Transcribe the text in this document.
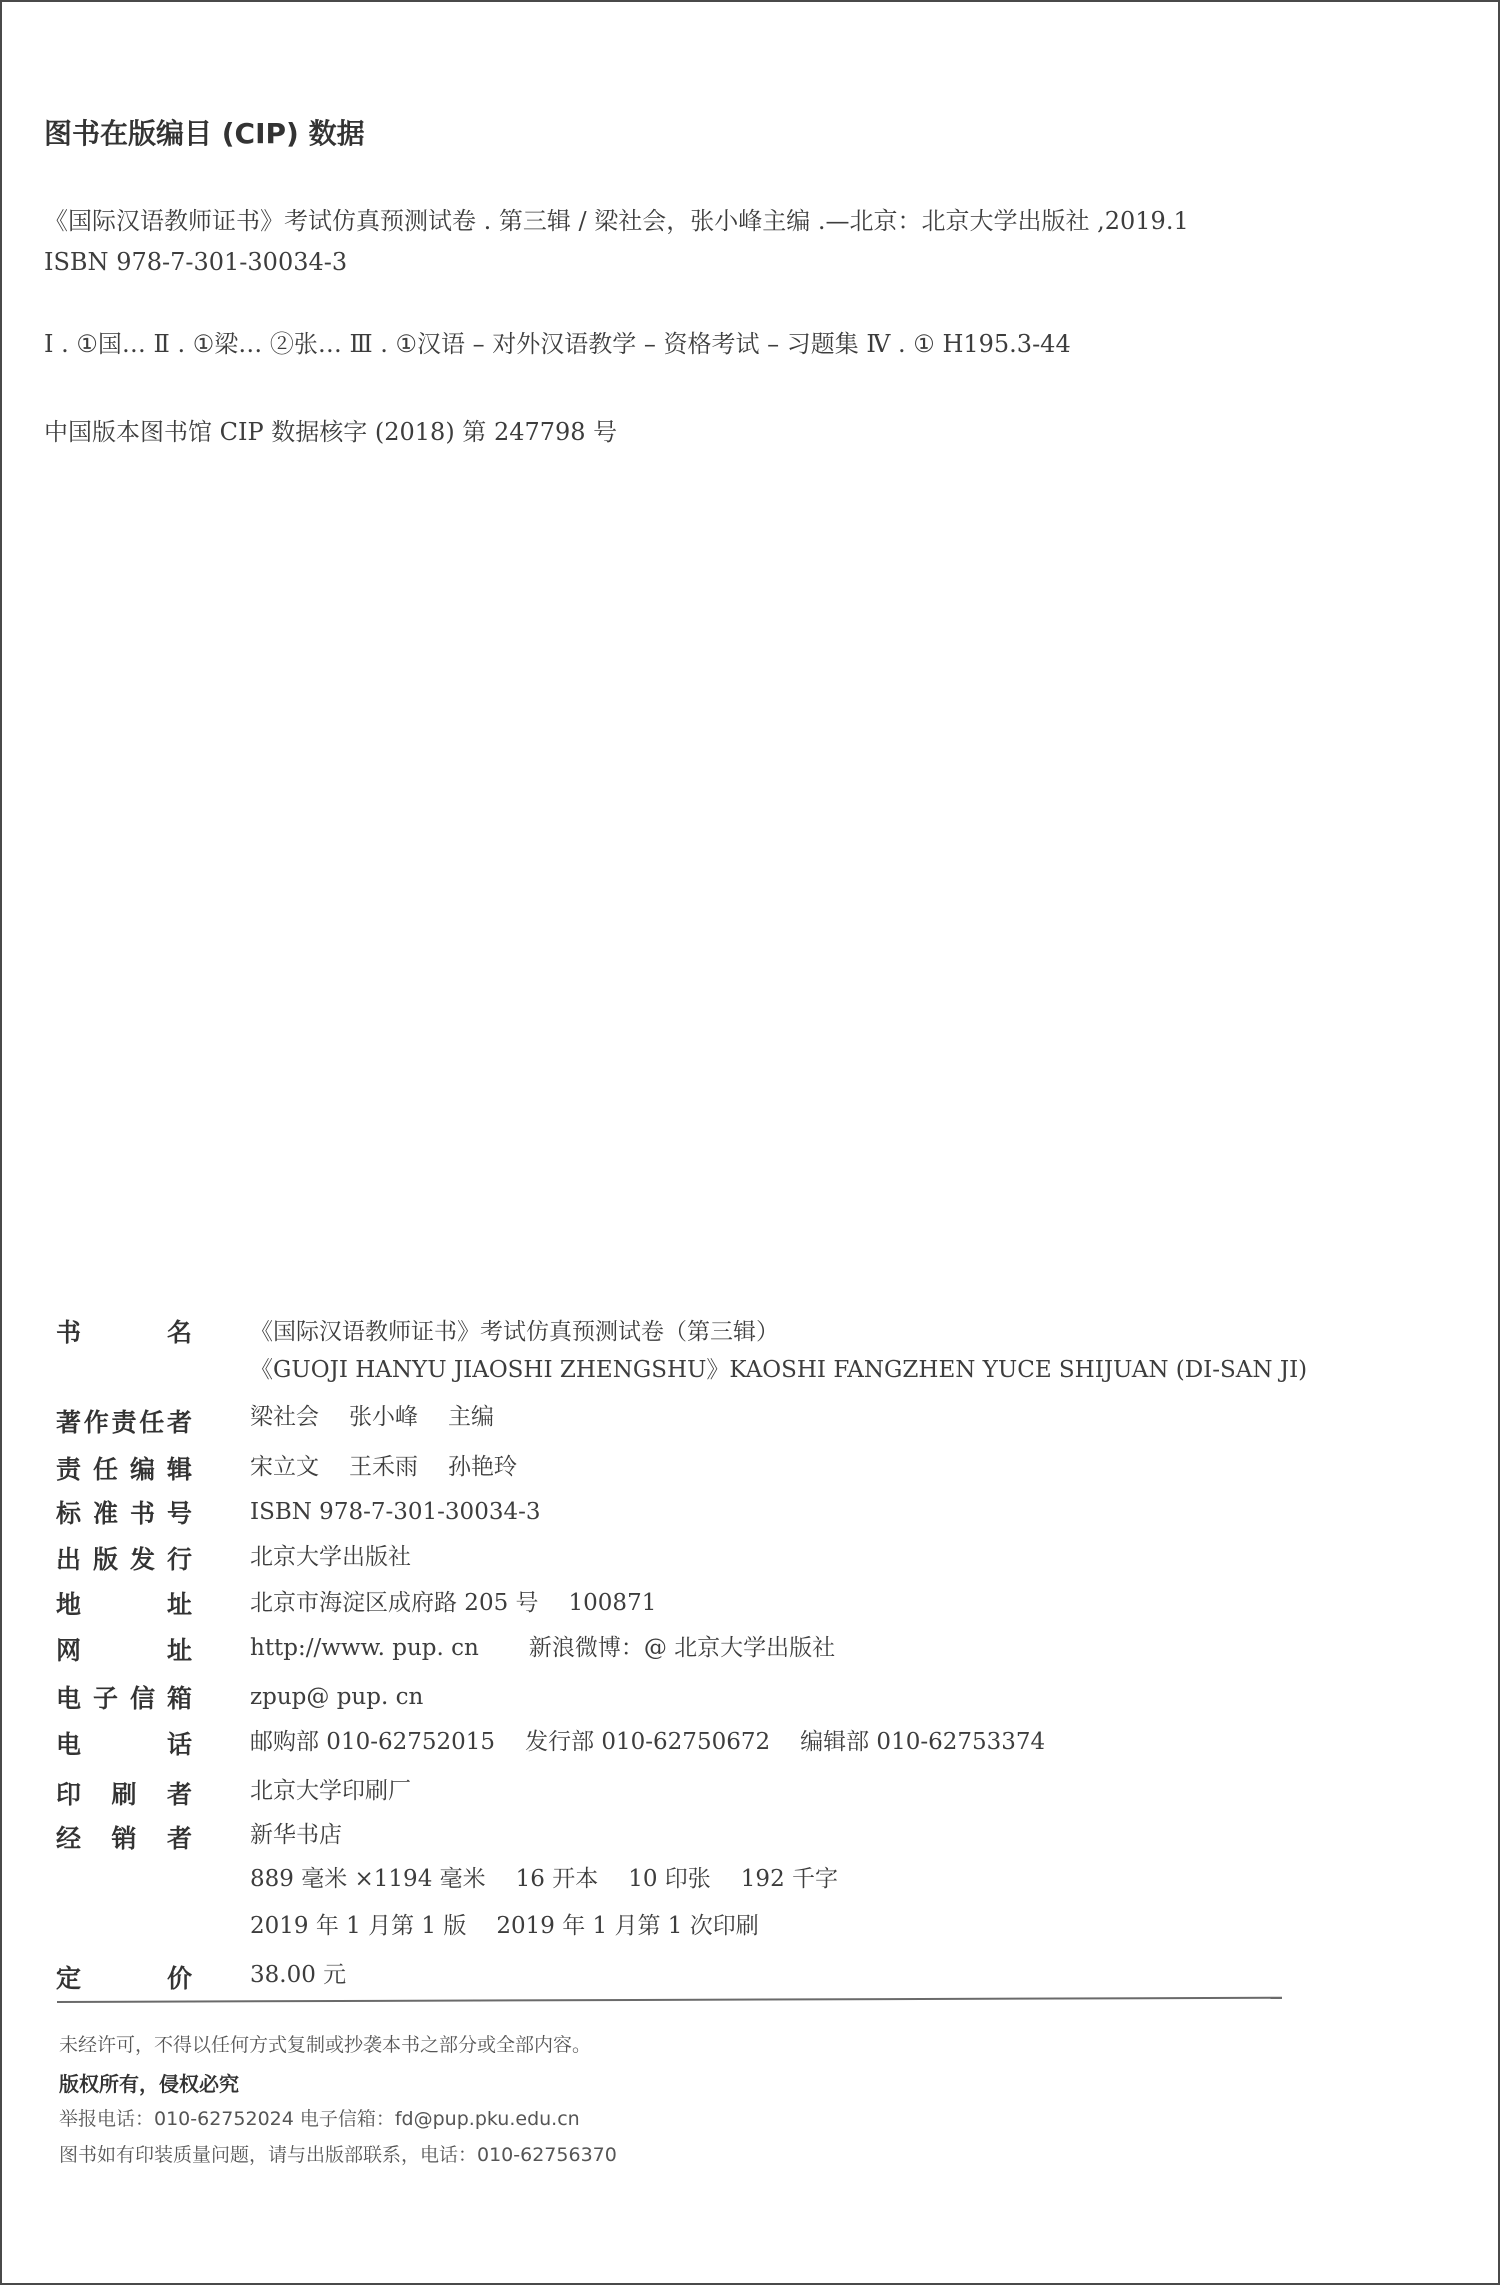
图书在版编目 (CIP) 数据
《国际汉语教师证书》考试仿真预测试卷 . 第三辑 / 梁社会，张小峰主编 .—北京：北京大学出版社 ,2019.1
ISBN 978-7-301-30034-3
Ⅰ . ①国… Ⅱ . ①梁… ②张… Ⅲ . ①汉语 – 对外汉语教学 – 资格考试 – 习题集 Ⅳ . ① H195.3-44
中国版本图书馆 CIP 数据核字 (2018) 第 247798 号
书	名	《国际汉语教师证书》考试仿真预测试卷（第三辑）
《GUOJI HANYU JIAOSHI ZHENGSHU》KAOSHI FANGZHEN YUCE SHIJUAN (DI-SAN JI)
著 作 责 任 者	梁社会 张小峰 主编
责 任 编 辑	宋立文 王禾雨 孙艳玲
标 准 书 号	ISBN 978-7-301-30034-3
出 版 发 行	北京大学出版社
地	址	北京市海淀区成府路 205 号 100871
网	址	http://www. pup. cn 新浪微博：@ 北京大学出版社
电 子 信 箱	zpup@ pup. cn
电	话	邮购部 010-62752015 发行部 010-62750672 编辑部 010-62753374
印 刷 者	北京大学印刷厂
经 销 者	新华书店
889 毫米 ×1194 毫米 16 开本 10 印张 192 千字
2019 年 1 月第 1 版 2019 年 1 月第 1 次印刷
定	价	38.00 元
未经许可，不得以任何方式复制或抄袭本书之部分或全部内容。
版权所有，侵权必究
举报电话：010-62752024 电子信箱：fd@pup.pku.edu.cn
图书如有印装质量问题，请与出版部联系，电话：010-62756370
